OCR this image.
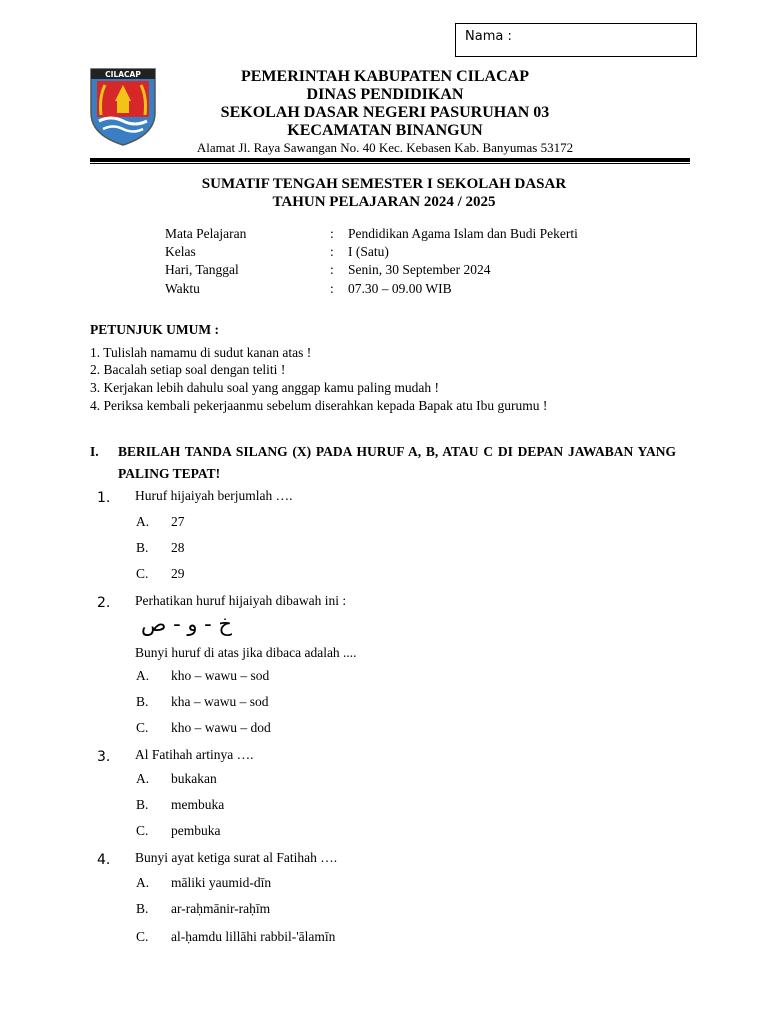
Nama :
CILACAP	PEMERINTAH KABUPATEN CILACAP
DINAS PENDIDIKAN
SEKOLAH DASAR NEGERI PASURUHAN 03
KECAMATAN BINANGUN
Alamat Jl. Raya Sawangan No. 40 Kec. Kebasen Kab. Banyumas 53172
SUMATIF TENGAH SEMESTER I SEKOLAH DASAR
TAHUN PELAJARAN 2024 / 2025
Mata Pelajaran	: Pendidikan Agama Islam dan Budi Pekerti
Kelas	: I (Satu)
Hari, Tanggal	: Senin, 30 September 2024
Waktu	: 07.30 – 09.00 WIB
PETUNJUK UMUM :
1. Tulislah namamu di sudut kanan atas !
2. Bacalah setiap soal dengan teliti !
3. Kerjakan lebih dahulu soal yang anggap kamu paling mudah !
4. Periksa kembali pekerjaanmu sebelum diserahkan kepada Bapak atu Ibu gurumu !
I. BERILAH TANDA SILANG (X) PADA HURUF A, B, ATAU C DI DEPAN JAWABAN YANG PALING TEPAT!
1. Huruf hijaiyah berjumlah ….
A. 27
B. 28
C. 29
2. Perhatikan huruf hijaiyah dibawah ini :
خ - و - ص
Bunyi huruf di atas jika dibaca adalah ....
A. kho – wawu – sod
B. kha – wawu – sod
C. kho – wawu – dod
3. Al Fatihah artinya ….
A. bukakan
B. membuka
C. pembuka
4. Bunyi ayat ketiga surat al Fatihah ….
A. māliki yaumid-dīn
B. ar-raḥmānir-raḥīm
C. al-ḥamdu lillāhi rabbil-'ālamīn
